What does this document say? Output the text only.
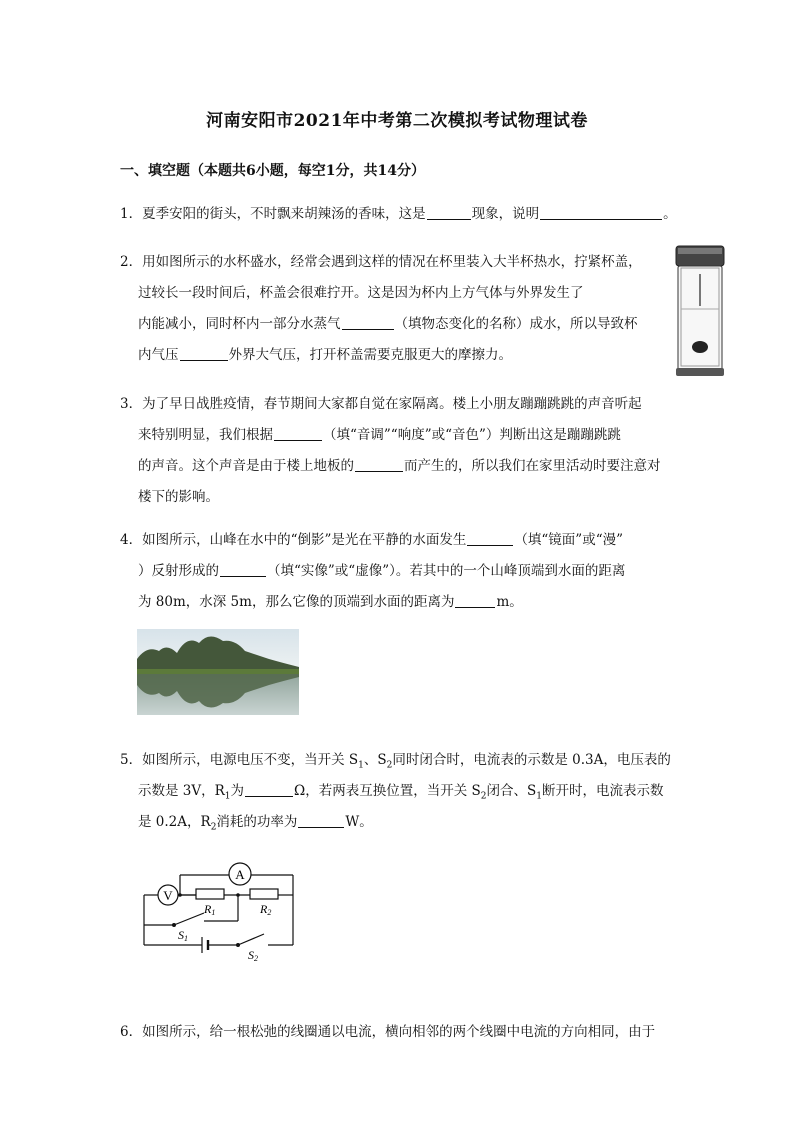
河南安阳市2021年中考第二次模拟考试物理试卷
一、填空题（本题共6小题，每空1分，共14分）
1．夏季安阳的街头，不时飘来胡辣汤的香味，这是	现象，说明	。
2．用如图所示的水杯盛水，经常会遇到这样的情况在杯里装入大半杯热水，拧紧杯盖，
过较长一段时间后，杯盖会很难拧开。这是因为杯内上方气体与外界发生了
内能减小，同时杯内一部分水蒸气	（填物态变化的名称）成水，所以导致杯
内气压	外界大气压，打开杯盖需要克服更大的摩擦力。
3．为了早日战胜疫情，春节期间大家都自觉在家隔离。楼上小朋友蹦蹦跳跳的声音听起
来特别明显，我们根据	（填“音调”“响度”或“音色”）判断出这是蹦蹦跳跳
的声音。这个声音是由于楼上地板的	而产生的，所以我们在家里活动时要注意对
楼下的影响。
4．如图所示，山峰在水中的“倒影”是光在平静的水面发生	（填“镜面”或“漫”
）反射形成的	（填“实像”或“虚像”）。若其中的一个山峰顶端到水面的距离
为 80m，水深 5m，那么它像的顶端到水面的距离为	m。
5．如图所示，电源电压不变，当开关 $S_1$、$S_2$同时闭合时，电流表的示数是 0.3A，电压表的
示数是 3V，$R_1$为	Ω，若两表互换位置，当开关 $S_2$闭合、$S_1$断开时，电流表示数
是 0.2A，$R_2$消耗的功率为	W。
A
V
R1	R2
S1
S2
6．如图所示，给一根松弛的线圈通以电流，横向相邻的两个线圈中电流的方向相同，由于
